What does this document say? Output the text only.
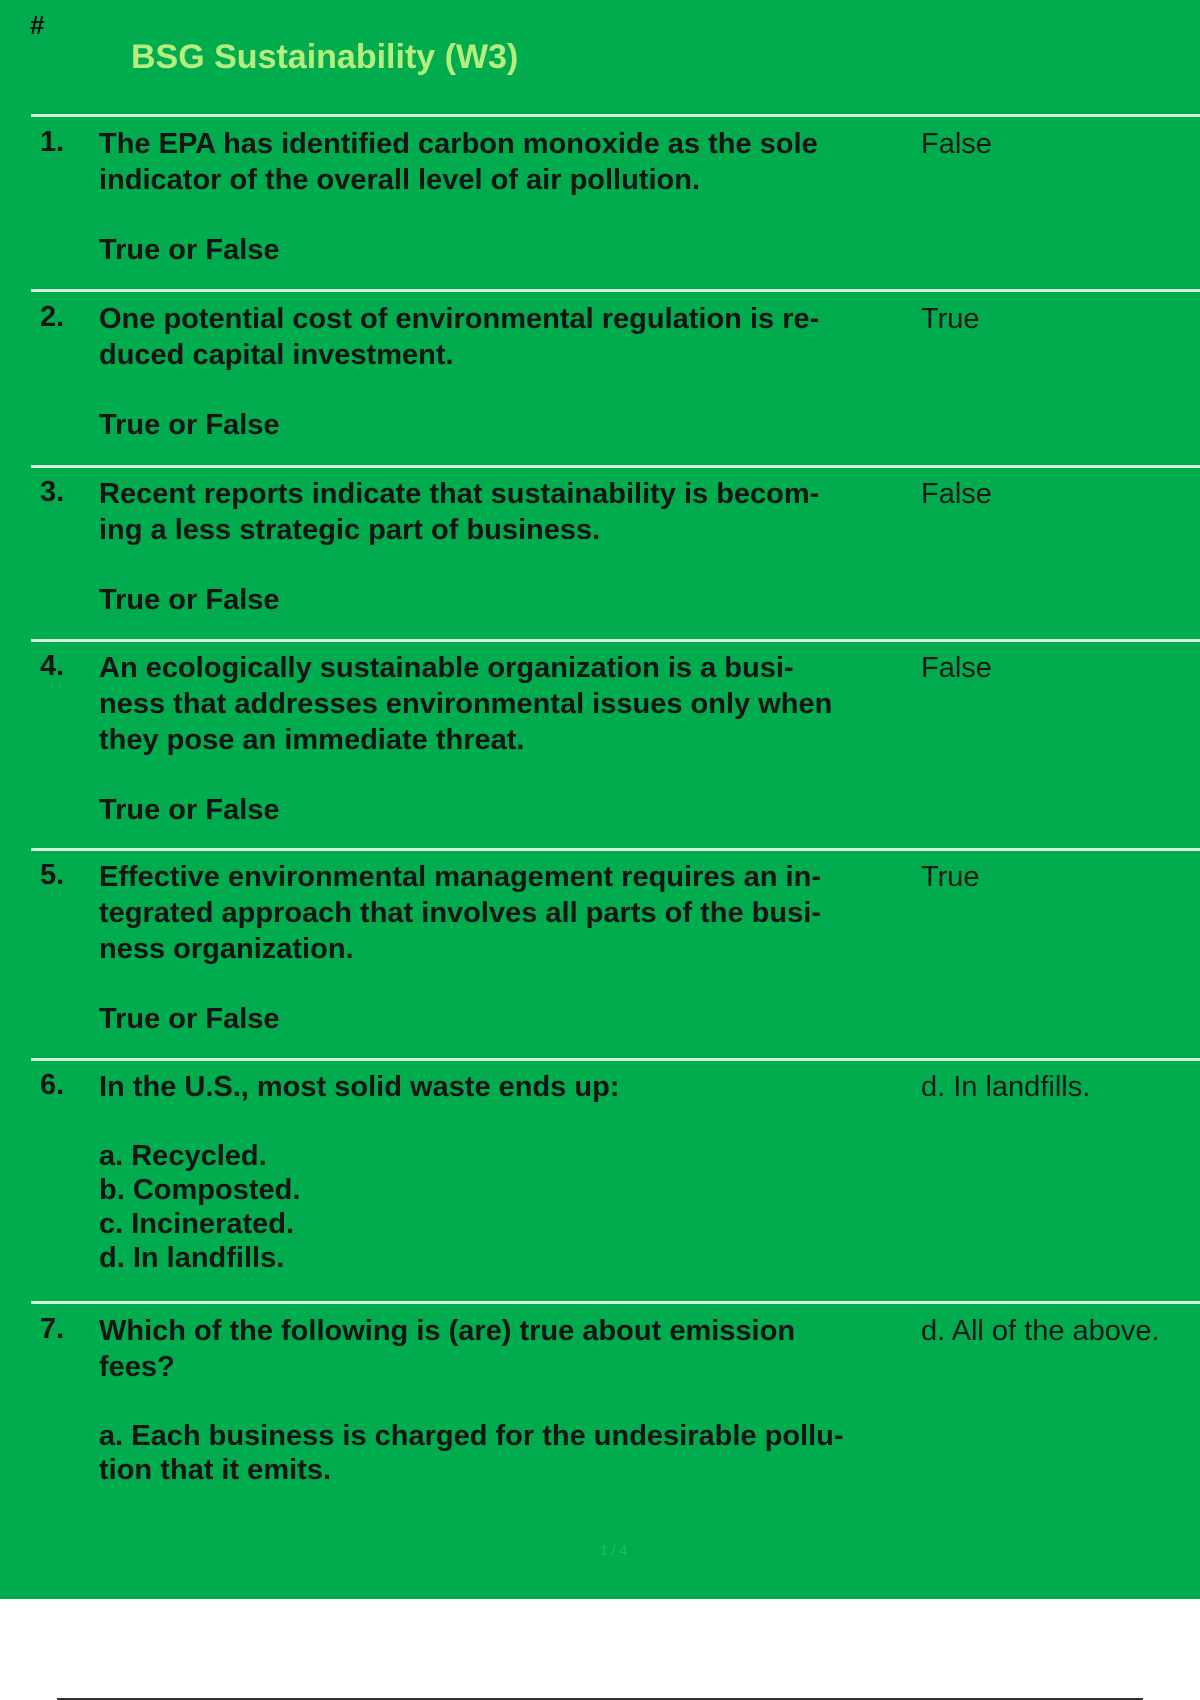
#
BSG Sustainability (W3)
1. The EPA has identified carbon monoxide as the sole
indicator of the overall level of air pollution.
True or False
False
2. One potential cost of environmental regulation is re-
duced capital investment.
True or False
True
3. Recent reports indicate that sustainability is becom-
ing a less strategic part of business.
True or False
False
4. An ecologically sustainable organization is a busi-
ness that addresses environmental issues only when
they pose an immediate threat.
True or False
False
5. Effective environmental management requires an in-
tegrated approach that involves all parts of the busi-
ness organization.
True or False
True
6. In the U.S., most solid waste ends up:
a. Recycled.
b. Composted.
c. Incinerated.
d. In landfills.
d. In landfills.
7. Which of the following is (are) true about emission
fees?
a. Each business is charged for the undesirable pollu-
tion that it emits.
d. All of the above.
1 / 4
